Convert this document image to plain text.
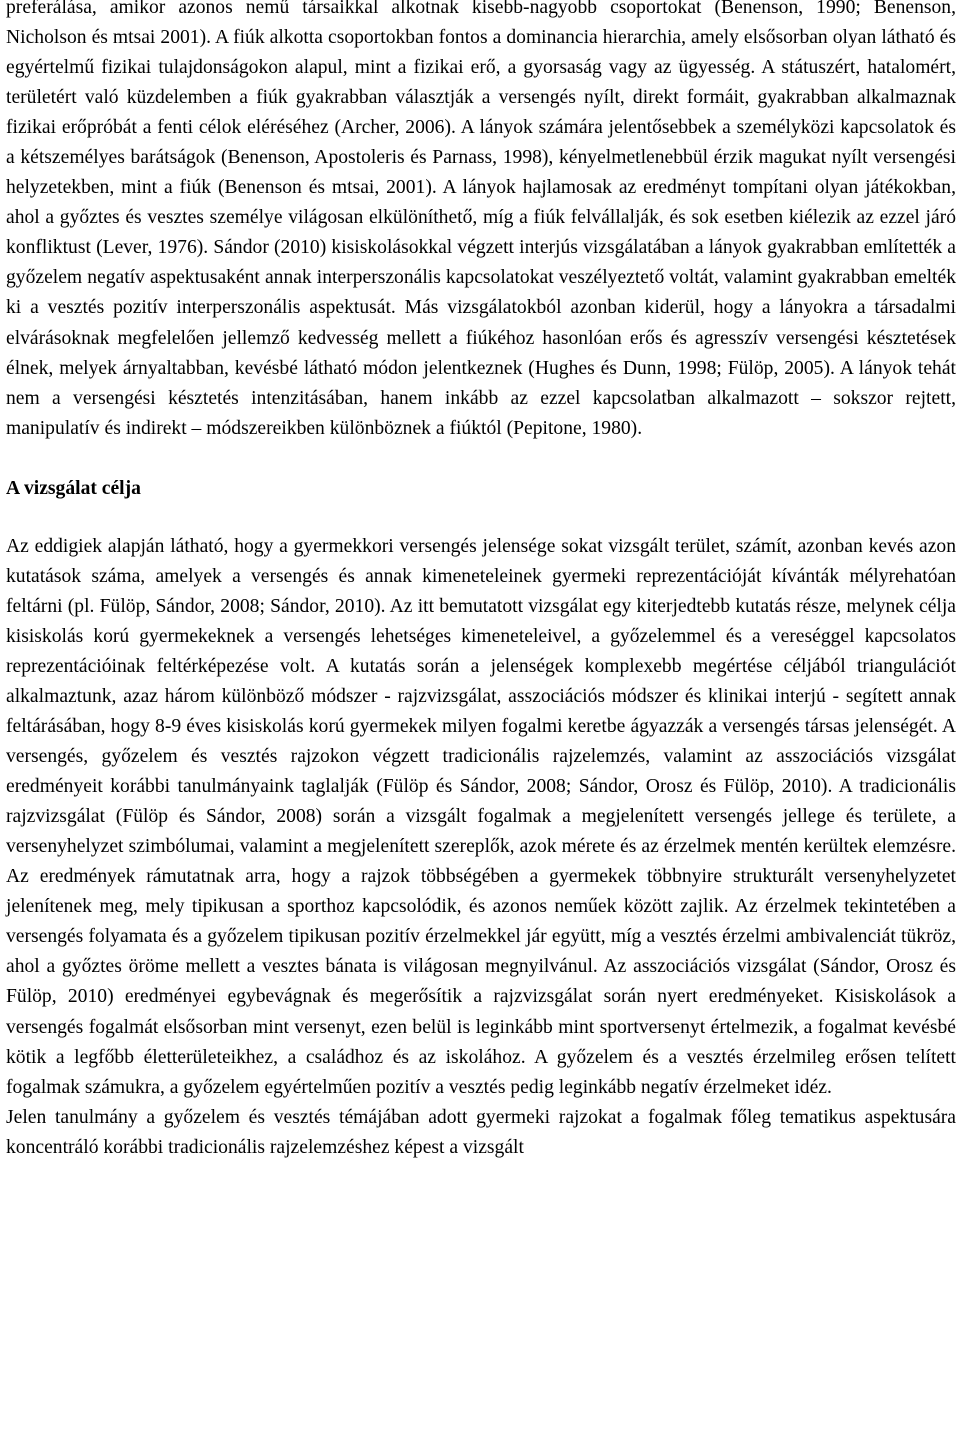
preferálása, amikor azonos nemű társaikkal alkotnak kisebb-nagyobb csoportokat (Benenson, 1990; Benenson, Nicholson és mtsai 2001). A fiúk alkotta csoportokban fontos a dominancia hierarchia, amely elsősorban olyan látható és egyértelmű fizikai tulajdonságokon alapul, mint a fizikai erő, a gyorsaság vagy az ügyesség. A státuszért, hatalomért, területért való küzdelemben a fiúk gyakrabban választják a versengés nyílt, direkt formáit, gyakrabban alkalmaznak fizikai erőpróbát a fenti célok eléréséhez (Archer, 2006). A lányok számára jelentősebbek a személyközi kapcsolatok és a kétszemélyes barátságok (Benenson, Apostoleris és Parnass, 1998), kényelmetlenebbül érzik magukat nyílt versengési helyzetekben, mint a fiúk (Benenson és mtsai, 2001). A lányok hajlamosak az eredményt tompítani olyan játékokban, ahol a győztes és vesztes személye világosan elkülöníthető, míg a fiúk felvállalják, és sok esetben kiélezik az ezzel járó konfliktust (Lever, 1976). Sándor (2010) kisiskolásokkal végzett interjús vizsgálatában a lányok gyakrabban említették a győzelem negatív aspektusaként annak interperszonális kapcsolatokat veszélyeztető voltát, valamint gyakrabban emelték ki a vesztés pozitív interperszonális aspektusát. Más vizsgálatokból azonban kiderül, hogy a lányokra a társadalmi elvárásoknak megfelelően jellemző kedvesség mellett a fiúkéhoz hasonlóan erős és agresszív versengési késztetések élnek, melyek árnyaltabban, kevésbé látható módon jelentkeznek (Hughes és Dunn, 1998; Fülöp, 2005). A lányok tehát nem a versengési késztetés intenzitásában, hanem inkább az ezzel kapcsolatban alkalmazott – sokszor rejtett, manipulatív és indirekt – módszereikben különböznek a fiúktól (Pepitone, 1980).

A vizsgálat célja

Az eddigiek alapján látható, hogy a gyermekkori versengés jelensége sokat vizsgált terület, számít, azonban kevés azon kutatások száma, amelyek a versengés és annak kimeneteleinek gyermeki reprezentációját kívánták mélyrehatóan feltárni (pl. Fülöp, Sándor, 2008; Sándor, 2010). Az itt bemutatott vizsgálat egy kiterjedtebb kutatás része, melynek célja kisiskolás korú gyermekeknek a versengés lehetséges kimeneteleivel, a győzelemmel és a vereséggel kapcsolatos reprezentációinak feltérképezése volt. A kutatás során a jelenségek komplexebb megértése céljából triangulációt alkalmaztunk, azaz három különböző módszer - rajzvizsgálat, asszociációs módszer és klinikai interjú - segített annak feltárásában, hogy 8-9 éves kisiskolás korú gyermekek milyen fogalmi keretbe ágyazzák a versengés társas jelenségét. A versengés, győzelem és vesztés rajzokon végzett tradicionális rajzelemzés, valamint az asszociációs vizsgálat eredményeit korábbi tanulmányaink taglalják (Fülöp és Sándor, 2008; Sándor, Orosz és Fülöp, 2010). A tradicionális rajzvizsgálat (Fülöp és Sándor, 2008) során a vizsgált fogalmak a megjelenített versengés jellege és területe, a versenyhelyzet szimbólumai, valamint a megjelenített szereplők, azok mérete és az érzelmek mentén kerültek elemzésre. Az eredmények rámutatnak arra, hogy a rajzok többségében a gyermekek többnyire strukturált versenyhelyzetet jelenítenek meg, mely tipikusan a sporthoz kapcsolódik, és azonos neműek között zajlik. Az érzelmek tekintetében a versengés folyamata és a győzelem tipikusan pozitív érzelmekkel jár együtt, míg a vesztés érzelmi ambivalenciát tükröz, ahol a győztes öröme mellett a vesztes bánata is világosan megnyilvánul. Az asszociációs vizsgálat (Sándor, Orosz és Fülöp, 2010) eredményei egybevágnak és megerősítik a rajzvizsgálat során nyert eredményeket. Kisiskolások a versengés fogalmát elsősorban mint versenyt, ezen belül is leginkább mint sportversenyt értelmezik, a fogalmat kevésbé kötik a legfőbb életterületeikhez, a családhoz és az iskolához. A győzelem és a vesztés érzelmileg erősen telített fogalmak számukra, a győzelem egyértelműen pozitív a vesztés pedig leginkább negatív érzelmeket idéz.

Jelen tanulmány a győzelem és vesztés témájában adott gyermeki rajzokat a fogalmak főleg tematikus aspektusára koncentráló korábbi tradicionális rajzelemzéshez képest a vizsgált
